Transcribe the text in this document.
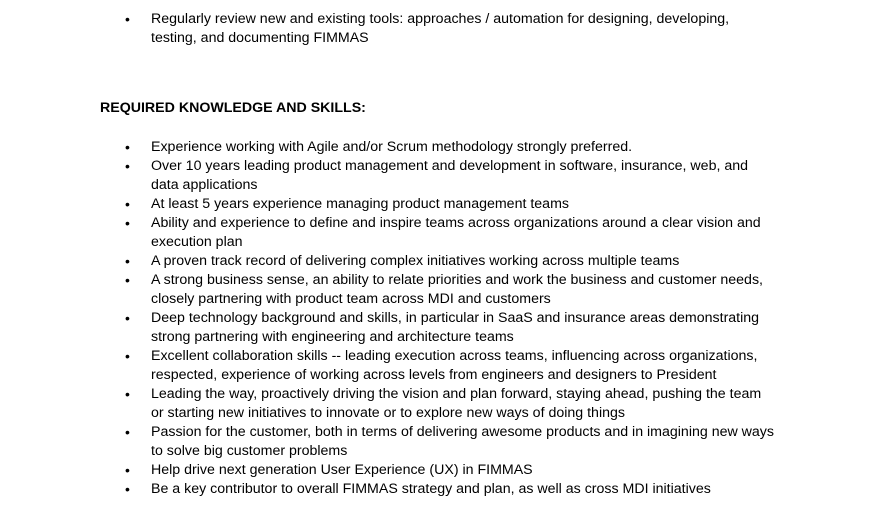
•	Regularly review new and existing tools: approaches / automation for designing, developing, testing, and documenting FIMMAS
REQUIRED KNOWLEDGE AND SKILLS:
•	Experience working with Agile and/or Scrum methodology strongly preferred.
•	Over 10 years leading product management and development in software, insurance, web, and data applications
•	At least 5 years experience managing product management teams
•	Ability and experience to define and inspire teams across organizations around a clear vision and execution plan
•	A proven track record of delivering complex initiatives working across multiple teams
•	A strong business sense, an ability to relate priorities and work the business and customer needs, closely partnering with product team across MDI and customers
•	Deep technology background and skills, in particular in SaaS and insurance areas demonstrating strong partnering with engineering and architecture teams
•	Excellent collaboration skills -- leading execution across teams, influencing across organizations, respected, experience of working across levels from engineers and designers to President
•	Leading the way, proactively driving the vision and plan forward, staying ahead, pushing the team or starting new initiatives to innovate or to explore new ways of doing things
•	Passion for the customer, both in terms of delivering awesome products and in imagining new ways to solve big customer problems
•	Help drive next generation User Experience (UX) in FIMMAS
•	Be a key contributor to overall FIMMAS strategy and plan, as well as cross MDI initiatives
